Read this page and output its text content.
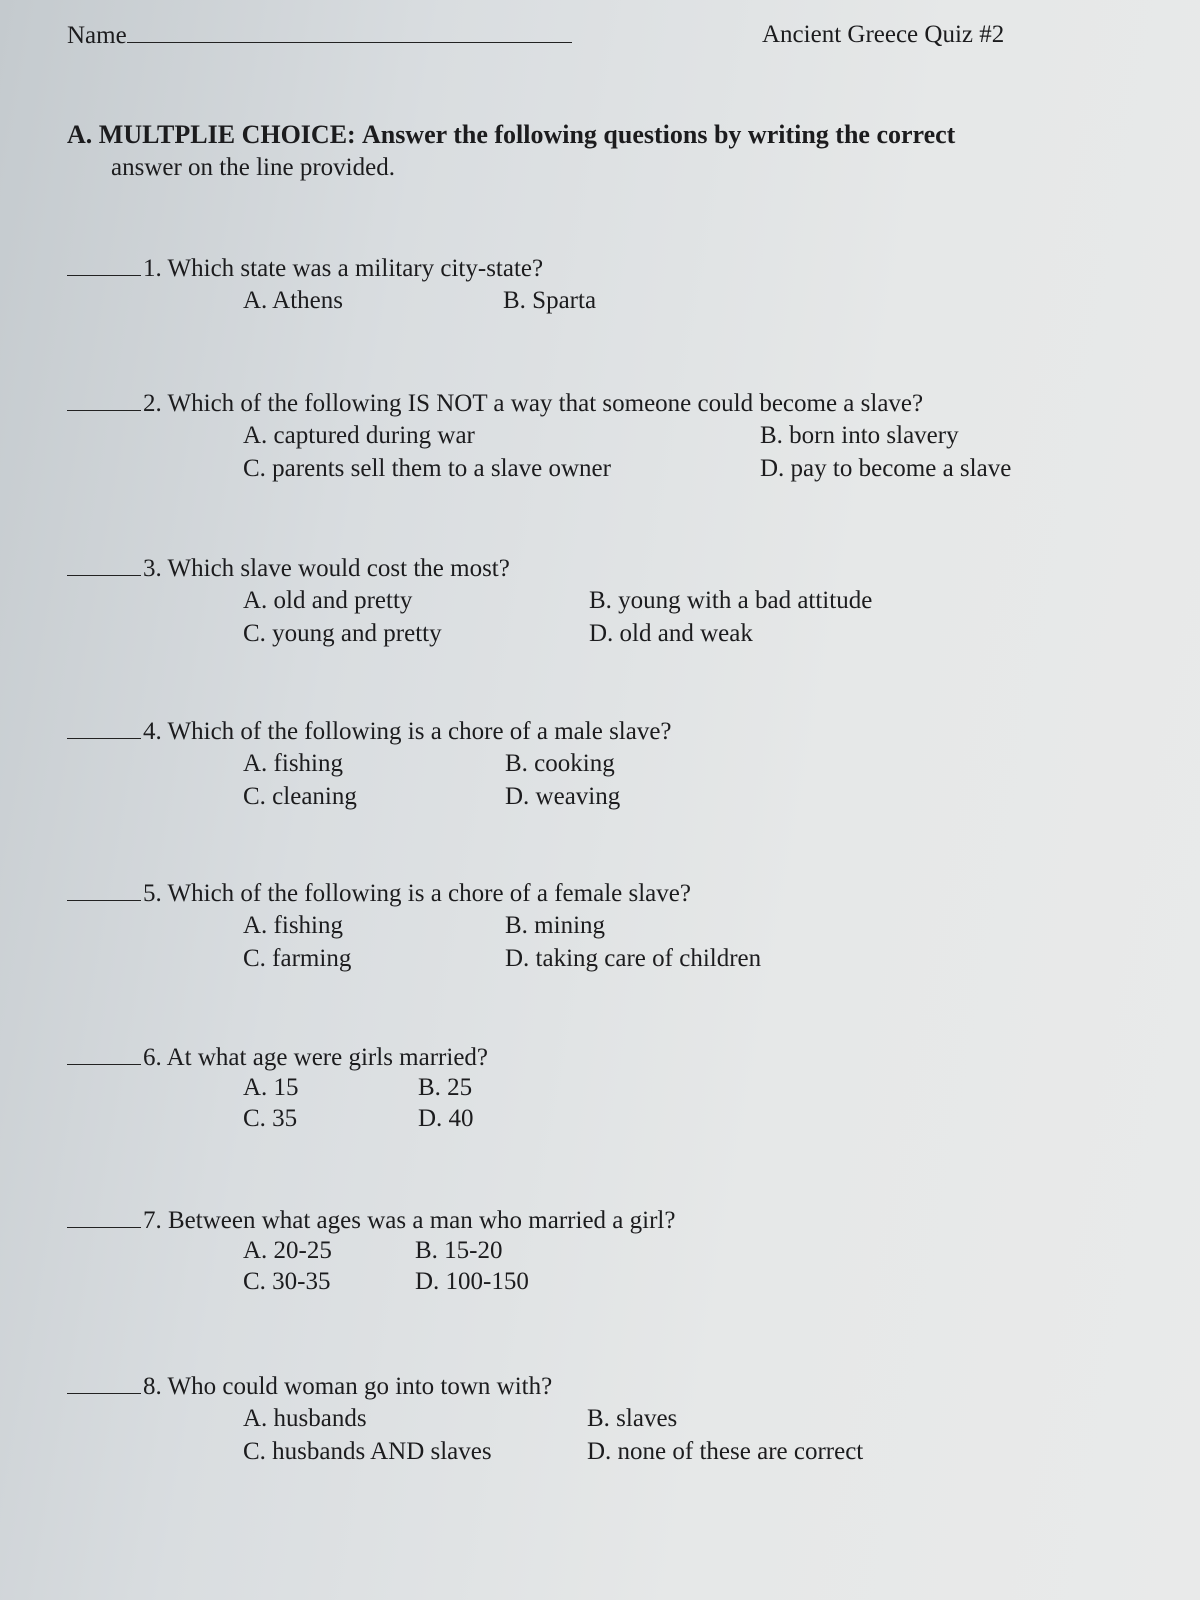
Name	Ancient Greece Quiz #2
A. MULTPLIE CHOICE: Answer the following questions by writing the correct
answer on the line provided.
1. Which state was a military city-state?
A. Athens	B. Sparta
2. Which of the following IS NOT a way that someone could become a slave?
A. captured during war	B. born into slavery
C. parents sell them to a slave owner	D. pay to become a slave
3. Which slave would cost the most?
A. old and pretty	B. young with a bad attitude
C. young and pretty	D. old and weak
4. Which of the following is a chore of a male slave?
A. fishing	B. cooking
C. cleaning	D. weaving
5. Which of the following is a chore of a female slave?
A. fishing	B. mining
C. farming	D. taking care of children
6. At what age were girls married?
A. 15	B. 25
C. 35	D. 40
7. Between what ages was a man who married a girl?
A. 20-25	B. 15-20
C. 30-35	D. 100-150
8. Who could woman go into town with?
A. husbands	B. slaves
C. husbands AND slaves	D. none of these are correct
